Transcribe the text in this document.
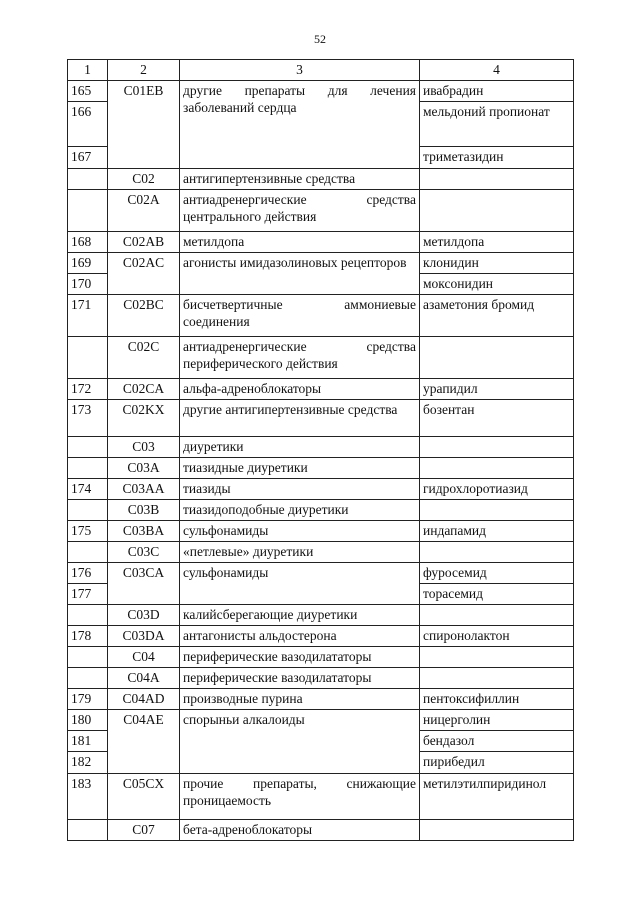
52
1	2	3	4
165	C01EB	другие препараты для лечения заболеваний сердца	ивабрадин
166			мельдоний пропионат
167			триметазидин
	C02	антигипертензивные средства	
	C02A	антиадренергические средства центрального действия	
168	C02AB	метилдопа	метилдопа
169	C02AC	агонисты имидазолиновых рецепторов	клонидин
170			моксонидин
171	C02BC	бисчетвертичные аммониевые соединения	азаметония бромид
	C02C	антиадренергические средства периферического действия	
172	C02CA	альфа-адреноблокаторы	урапидил
173	C02KX	другие антигипертензивные средства	бозентан
	C03	диуретики	
	C03A	тиазидные диуретики	
174	C03AA	тиазиды	гидрохлоротиазид
	C03B	тиазидоподобные диуретики	
175	C03BA	сульфонамиды	индапамид
	C03C	«петлевые» диуретики	
176	C03CA	сульфонамиды	фуросемид
177			торасемид
	C03D	калийсберегающие диуретики	
178	C03DA	антагонисты альдостерона	спиронолактон
	C04	периферические вазодилататоры	
	C04A	периферические вазодилататоры	
179	C04AD	производные пурина	пентоксифиллин
180	C04AE	спорыньи алкалоиды	ницерголин
181			бендазол
182			пирибедил
183	C05CX	прочие препараты, снижающие проницаемость	метилэтилпиридинол
	C07	бета-адреноблокаторы	
